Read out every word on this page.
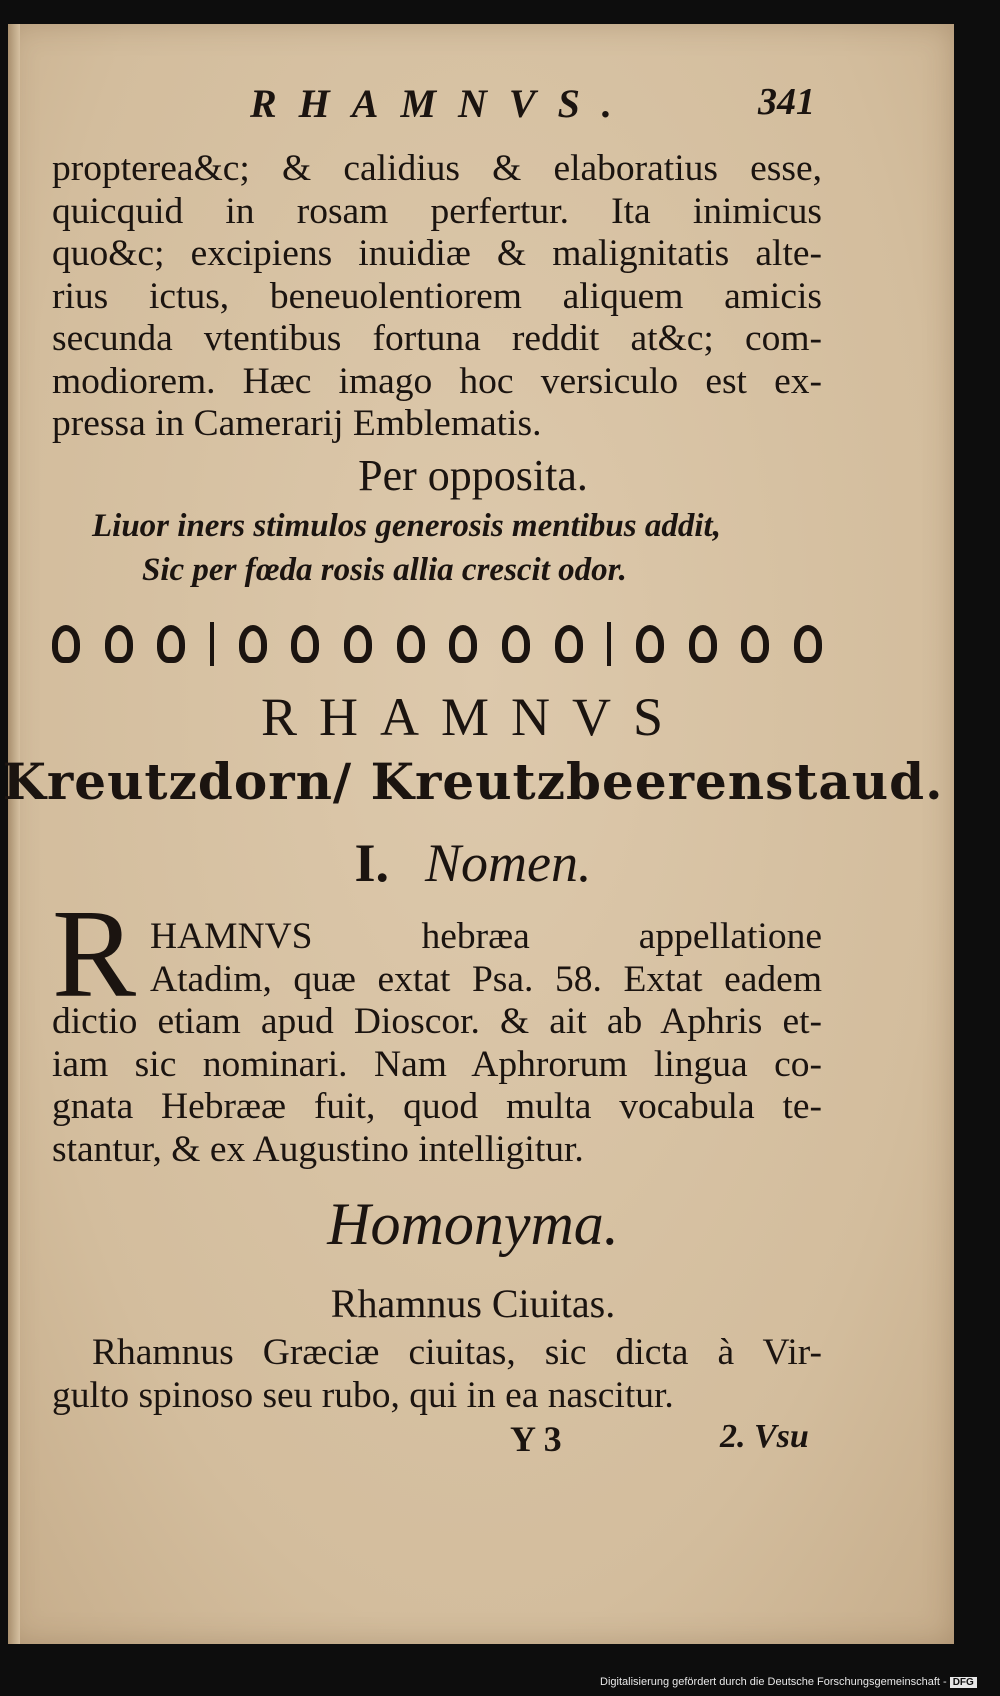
RHAMNVS.	341
propterea&c; & calidius & elaboratius esse,
quicquid in rosam perfertur. Ita inimicus
quo&c; excipiens inuidiæ & malignitatis alte-
rius ictus, beneuolentiorem aliquem amicis
secunda vtentibus fortuna reddit at&c; com-
modiorem. Hæc imago hoc versiculo est ex-
pressa in Camerarij Emblematis.
Per opposita.
Liuor iners stimulos generosis mentibus addit,
Sic per fœda rosis allia crescit odor.
RHAMNVS
Kreutzdorn/ Kreutzbeerenstaud.
I. Nomen.
R HAMNVS hebræa appellatione
Atadim, quæ extat Psa. 58. Extat eadem
dictio etiam apud Dioscor. & ait ab Aphris et-
iam sic nominari. Nam Aphrorum lingua co-
gnata Hebrææ fuit, quod multa vocabula te-
stantur, & ex Augustino intelligitur.
Homonyma.
Rhamnus Ciuitas.
Rhamnus Græciæ ciuitas, sic dicta à Vir-
gulto spinoso seu rubo, qui in ea nascitur.
Y 3	2. Vsu
Digitalisierung gefördert durch die Deutsche Forschungsgemeinschaft - DFG
